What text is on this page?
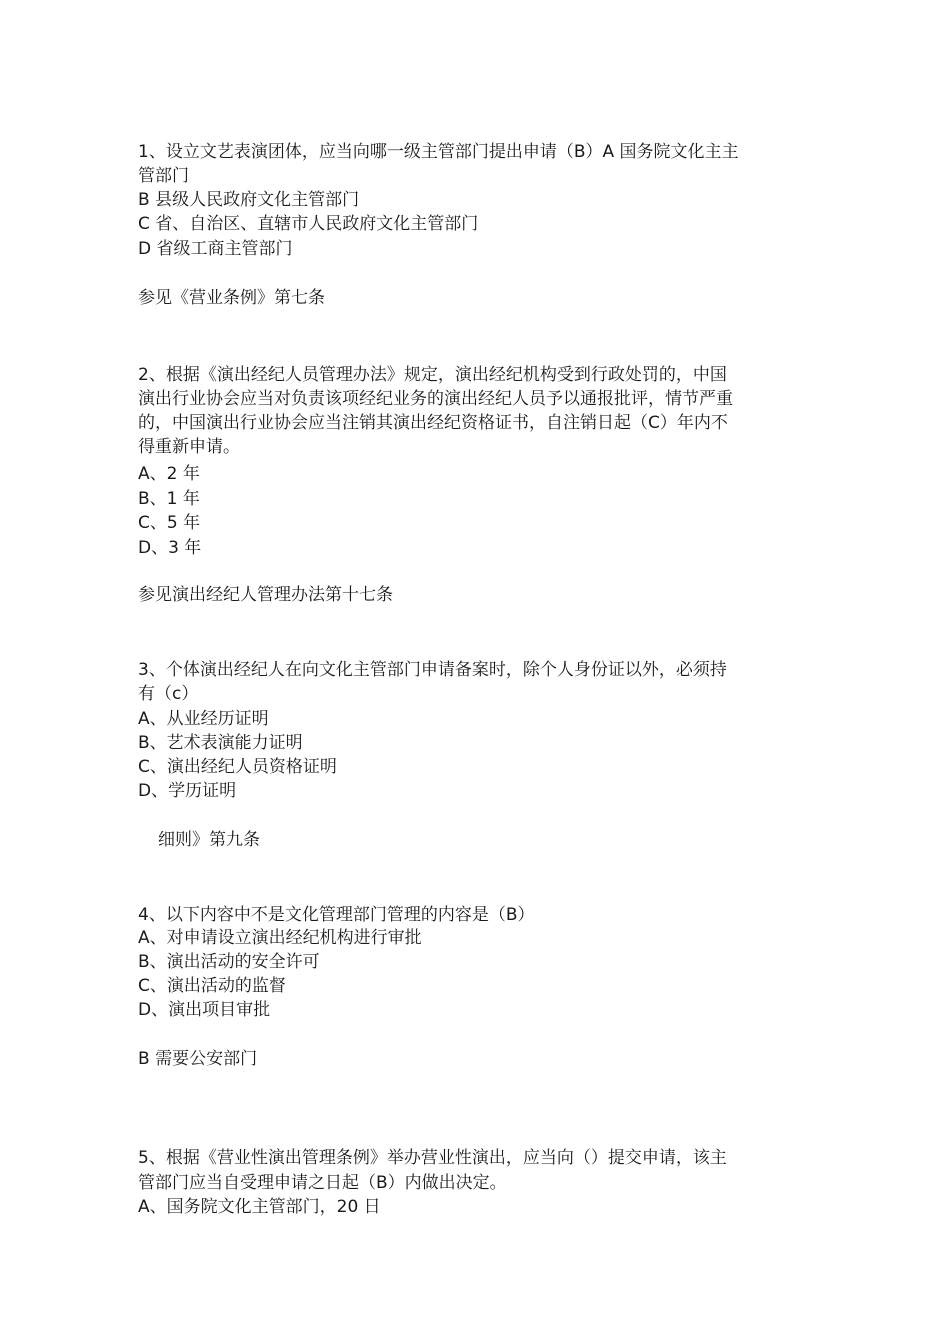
1、设立文艺表演团体，应当向哪一级主管部门提出申请（B）A 国务院文化主主
管部门
B 县级人民政府文化主管部门
C 省、自治区、直辖市人民政府文化主管部门
D 省级工商主管部门
参见《营业条例》第七条
2、根据《演出经纪人员管理办法》规定，演出经纪机构受到行政处罚的，中国
演出行业协会应当对负责该项经纪业务的演出经纪人员予以通报批评，情节严重
的，中国演出行业协会应当注销其演出经纪资格证书，自注销日起（C）年内不
得重新申请。
A、2 年
B、1 年
C、5 年
D、3 年
参见演出经纪人管理办法第十七条
3、个体演出经纪人在向文化主管部门申请备案时，除个人身份证以外，必须持
有（c）
A、从业经历证明
B、艺术表演能力证明
C、演出经纪人员资格证明
D、学历证明
细则》第九条
4、以下内容中不是文化管理部门管理的内容是（B）
A、对申请设立演出经纪机构进行审批
B、演出活动的安全许可
C、演出活动的监督
D、演出项目审批
B 需要公安部门
5、根据《营业性演出管理条例》举办营业性演出，应当向（）提交申请，该主
管部门应当自受理申请之日起（B）内做出决定。
A、国务院文化主管部门，20 日
